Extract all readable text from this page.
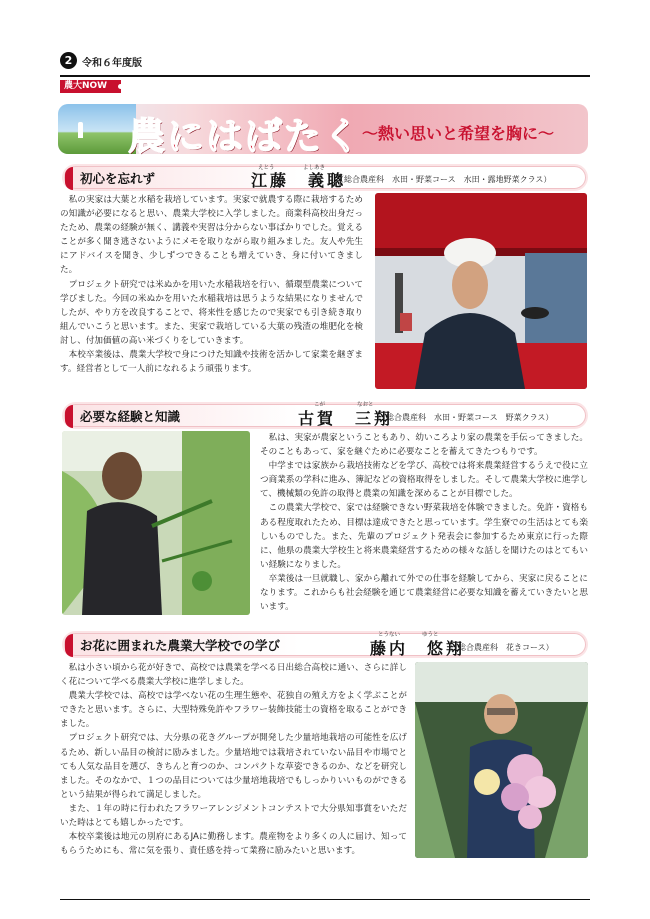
2 令和６年度版
農大NOW
農にはばたく 〜熱い思いと希望を胸に〜
初心を忘れず
えとう	よしあき
江藤　義聰
（総合農産科　水田・野菜コース　水田・露地野菜クラス）

私の実家は大葉と水稲を栽培しています。実家で就農する際に栽培するための知識が必要になると思い、農業大学校に入学しました。商業科高校出身だったため、農業の経験が無く、講義や実習は分からない事ばかりでした。覚えることが多く聞き逃さないようにメモを取りながら取り組みました。友人や先生にアドバイスを聞き、少しずつできることも増えていき、身に付いてきました。

プロジェクト研究では米ぬかを用いた水稲栽培を行い、循環型農業について学びました。今回の米ぬかを用いた水稲栽培は思うような結果になりませんでしたが、やり方を改良することで、将来性を感じたので実家でも引き続き取り組んでいこうと思います。また、実家で栽培している大葉の残渣の堆肥化を検討し、付加価値の高い米づくりをしていきます。

本校卒業後は、農業大学校で身につけた知識や技術を活かして家業を継ぎます。経営者として一人前になれるよう頑張ります。

必要な経験と知識
こが	なおと
古賀　三翔
（総合農産科　水田・野菜コース　野菜クラス）

私は、実家が農家ということもあり、幼いころより家の農業を手伝ってきました。そのこともあって、家を継ぐために必要なことを蓄えてきたつもりです。

中学までは家族から栽培技術などを学び、高校では将来農業経営するうえで役に立つ商業系の学科に進み、簿記などの資格取得をしました。そして農業大学校に進学して、機械類の免許の取得と農業の知識を深めることが目標でした。

この農業大学校で、家では経験できない野菜栽培を体験できました。免許・資格もある程度取れたため、目標は達成できたと思っています。学生寮での生活はとても楽しいものでした。また、先輩のプロジェクト発表会に参加するため東京に行った際に、他県の農業大学校生と将来農業経営するための様々な話しを聞けたのはとてもいい経験になりました。

卒業後は一旦就職し、家から離れて外での仕事を経験してから、実家に戻ることになります。これからも社会経験を通じて農業経営に必要な知識を蓄えていきたいと思います。

お花に囲まれた農業大学校での学び
とうない	ゆうと
藤内　悠翔
（総合農産科　花きコース）

私は小さい頃から花が好きで、高校では農業を学べる日出総合高校に通い、さらに詳しく花について学べる農業大学校に進学しました。

農業大学校では、高校では学べない花の生理生態や、花独自の殖え方をよく学ぶことができたと思います。さらに、大型特殊免許やフラワー装飾技能士の資格を取ることができました。

プロジェクト研究では、大分県の花きグループが開発した少量培地栽培の可能性を広げるため、新しい品目の検討に励みました。少量培地では栽培されていない品目や市場でとても人気な品目を選び、きちんと育つのか、コンパクトな草姿できるのか、などを研究しました。そのなかで、１つの品目については少量培地栽培でもしっかりいいものができるという結果が得られて満足しました。

また、１年の時に行われたフラワーアレンジメントコンテストで大分県知事賞をいただいた時はとても嬉しかったです。

本校卒業後は地元の別府にあるJAに勤務します。農産物をより多くの人に届け、知ってもらうためにも、常に気を張り、責任感を持って業務に励みたいと思います。
